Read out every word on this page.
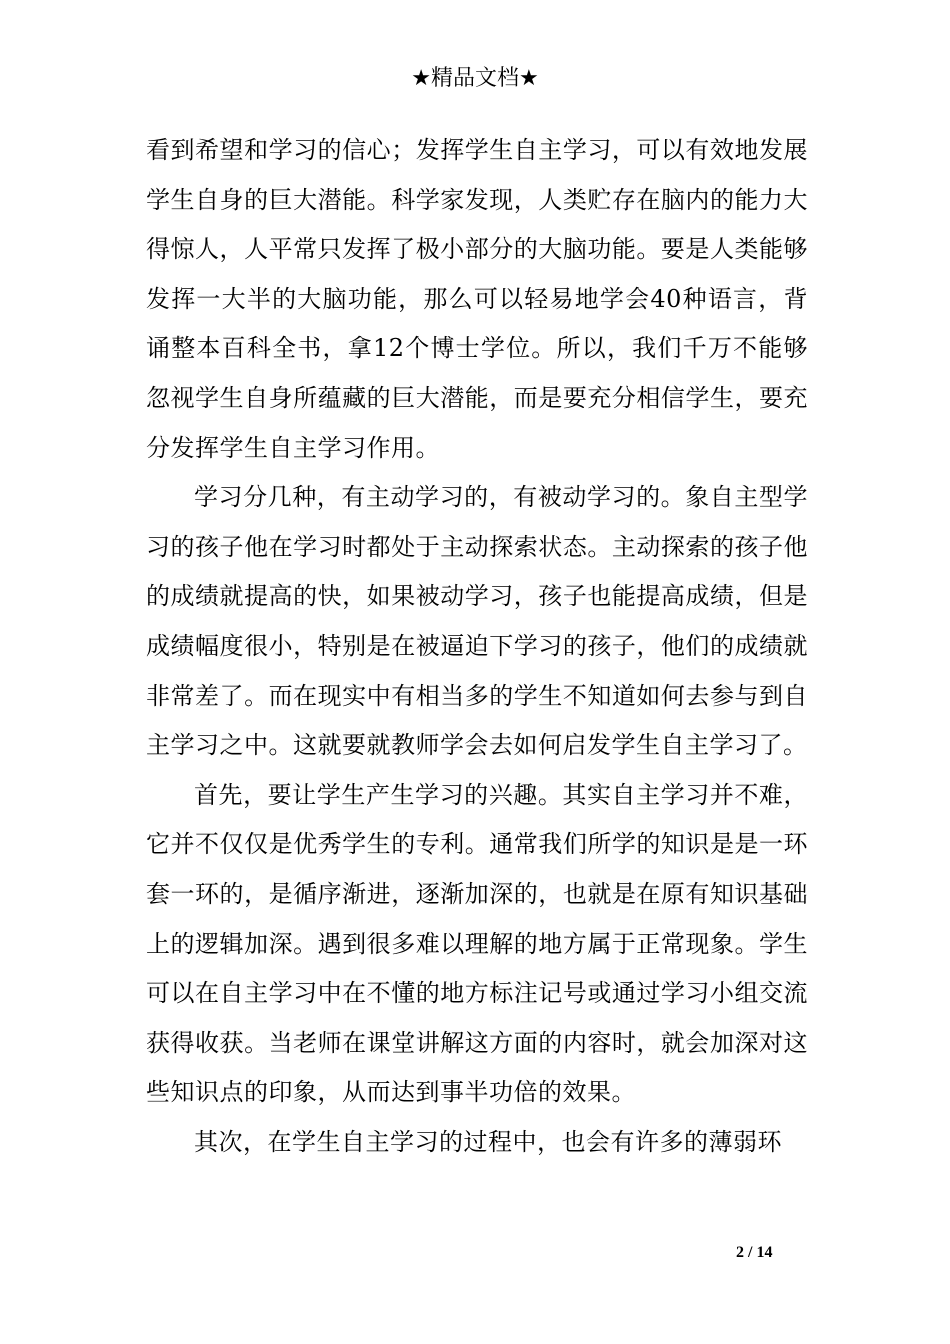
★精品文档★

看到希望和学习的信心；发挥学生自主学习，可以有效地发展学生自身的巨大潜能。科学家发现，人类贮存在脑内的能力大得惊人，人平常只发挥了极小部分的大脑功能。要是人类能够发挥一大半的大脑功能，那么可以轻易地学会40种语言，背诵整本百科全书，拿12个博士学位。所以，我们千万不能够忽视学生自身所蕴藏的巨大潜能，而是要充分相信学生，要充分发挥学生自主学习作用。

学习分几种，有主动学习的，有被动学习的。象自主型学习的孩子他在学习时都处于主动探索状态。主动探索的孩子他的成绩就提高的快，如果被动学习，孩子也能提高成绩，但是成绩幅度很小，特别是在被逼迫下学习的孩子，他们的成绩就非常差了。而在现实中有相当多的学生不知道如何去参与到自主学习之中。这就要就教师学会去如何启发学生自主学习了。

首先，要让学生产生学习的兴趣。其实自主学习并不难，它并不仅仅是优秀学生的专利。通常我们所学的知识是是一环套一环的，是循序渐进，逐渐加深的，也就是在原有知识基础上的逻辑加深。遇到很多难以理解的地方属于正常现象。学生可以在自主学习中在不懂的地方标注记号或通过学习小组交流获得收获。当老师在课堂讲解这方面的内容时，就会加深对这些知识点的印象，从而达到事半功倍的效果。

其次，在学生自主学习的过程中，也会有许多的薄弱环

2 / 14
